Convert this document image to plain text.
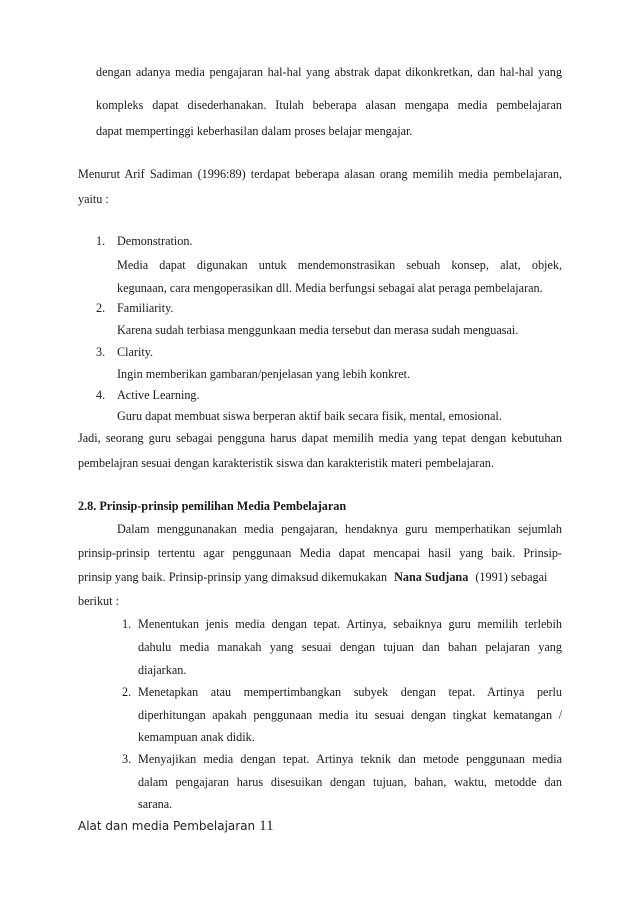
dengan adanya media pengajaran hal-hal yang abstrak dapat dikonkretkan, dan hal-hal yang
kompleks dapat disederhanakan. Itulah beberapa alasan mengapa media pembelajaran
dapat mempertinggi keberhasilan dalam proses belajar mengajar.
Menurut Arif Sadiman (1996:89) terdapat beberapa alasan orang memilih media pembelajaran,
yaitu :
1. Demonstration.
Media dapat digunakan untuk mendemonstrasikan sebuah konsep, alat, objek,
kegunaan, cara mengoperasikan dll. Media berfungsi sebagai alat peraga pembelajaran.
2. Familiarity.
Karena sudah terbiasa menggunkaan media tersebut dan merasa sudah menguasai.
3. Clarity.
Ingin memberikan gambaran/penjelasan yang lebih konkret.
4. Active Learning.
Guru dapat membuat siswa berperan aktif baik secara fisik, mental, emosional.
Jadi, seorang guru sebagai pengguna harus dapat memilih media yang tepat dengan kebutuhan
pembelajran sesuai dengan karakteristik siswa dan karakteristik materi pembelajaran.
2.8. Prinsip-prinsip pemilihan Media Pembelajaran
Dalam menggunanakan media pengajaran, hendaknya guru memperhatikan sejumlah
prinsip-prinsip tertentu agar penggunaan Media dapat mencapai hasil yang baik. Prinsip-
prinsip yang baik. Prinsip-prinsip yang dimaksud dikemukakan Nana Sudjana (1991) sebagai
berikut :
1. Menentukan jenis media dengan tepat. Artinya, sebaiknya guru memilih terlebih
dahulu media manakah yang sesuai dengan tujuan dan bahan pelajaran yang
diajarkan.
2. Menetapkan atau mempertimbangkan subyek dengan tepat. Artinya perlu
diperhitungan apakah penggunaan media itu sesuai dengan tingkat kematangan /
kemampuan anak didik.
3. Menyajikan media dengan tepat. Artinya teknik dan metode penggunaan media
dalam pengajaran harus disesuikan dengan tujuan, bahan, waktu, metodde dan
sarana.
Alat dan media Pembelajaran 11
